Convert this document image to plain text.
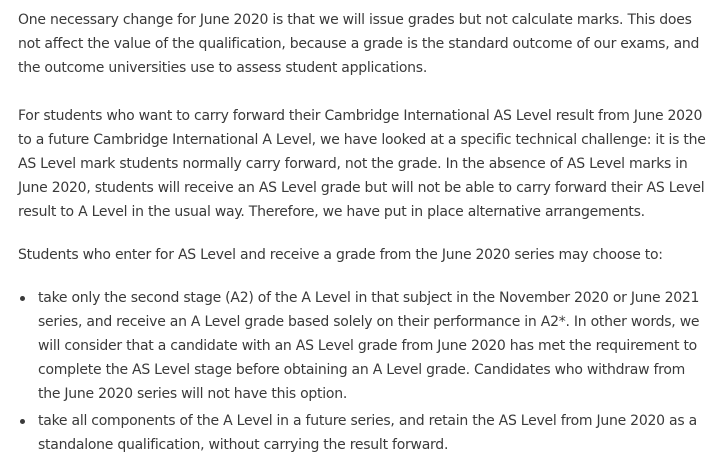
One necessary change for June 2020 is that we will issue grades but not calculate marks. This does not affect the value of the qualification, because a grade is the standard outcome of our exams, and the outcome universities use to assess student applications.

For students who want to carry forward their Cambridge International AS Level result from June 2020 to a future Cambridge International A Level, we have looked at a specific technical challenge: it is the AS Level mark students normally carry forward, not the grade. In the absence of AS Level marks in June 2020, students will receive an AS Level grade but will not be able to carry forward their AS Level result to A Level in the usual way. Therefore, we have put in place alternative arrangements.

Students who enter for AS Level and receive a grade from the June 2020 series may choose to:

take only the second stage (A2) of the A Level in that subject in the November 2020 or June 2021 series, and receive an A Level grade based solely on their performance in A2*. In other words, we will consider that a candidate with an AS Level grade from June 2020 has met the requirement to complete the AS Level stage before obtaining an A Level grade. Candidates who withdraw from the June 2020 series will not have this option.
take all components of the A Level in a future series, and retain the AS Level from June 2020 as a standalone qualification, without carrying the result forward.
